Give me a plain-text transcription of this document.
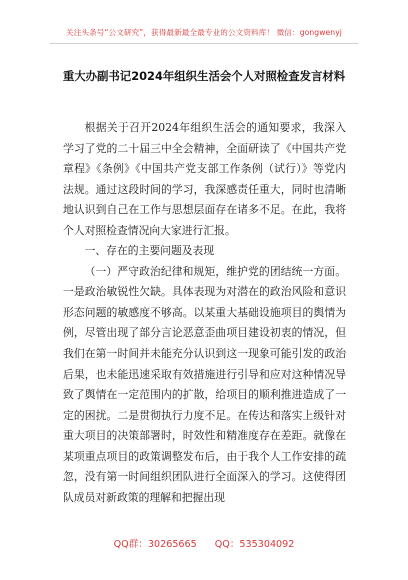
关注头条号“公文研究”，获得最新最全最专业的公文资料库！ 微信：gongwenyj
重大办副书记2024年组织生活会个人对照检查发言材料

根据关于召开2024年组织生活会的通知要求，我深入学习了党的二十届三中全会精神，全面研读了《中国共产党章程》《条例》《中国共产党支部工作条例（试行）》等党内法规。通过这段时间的学习，我深感责任重大，同时也清晰地认识到自己在工作与思想层面存在诸多不足。在此，我将个人对照检查情况向大家进行汇报。

一、存在的主要问题及表现

（一）严守政治纪律和规矩，维护党的团结统一方面。一是政治敏锐性欠缺。具体表现为对潜在的政治风险和意识形态问题的敏感度不够高。以某重大基础设施项目的舆情为例，尽管出现了部分言论恶意歪曲项目建设初衷的情况，但我们在第一时间并未能充分认识到这一现象可能引发的政治后果，也未能迅速采取有效措施进行引导和应对这种情况导致了舆情在一定范围内的扩散，给项目的顺利推进造成了一定的困扰。二是贯彻执行力度不足。在传达和落实上级针对重大项目的决策部署时，时效性和精准度存在差距。就像在某项重点项目的政策调整发布后，由于我个人工作安排的疏忽，没有第一时间组织团队进行全面深入的学习。这使得团队成员对新政策的理解和把握出现

QQ群：30265665 QQ：535304092
